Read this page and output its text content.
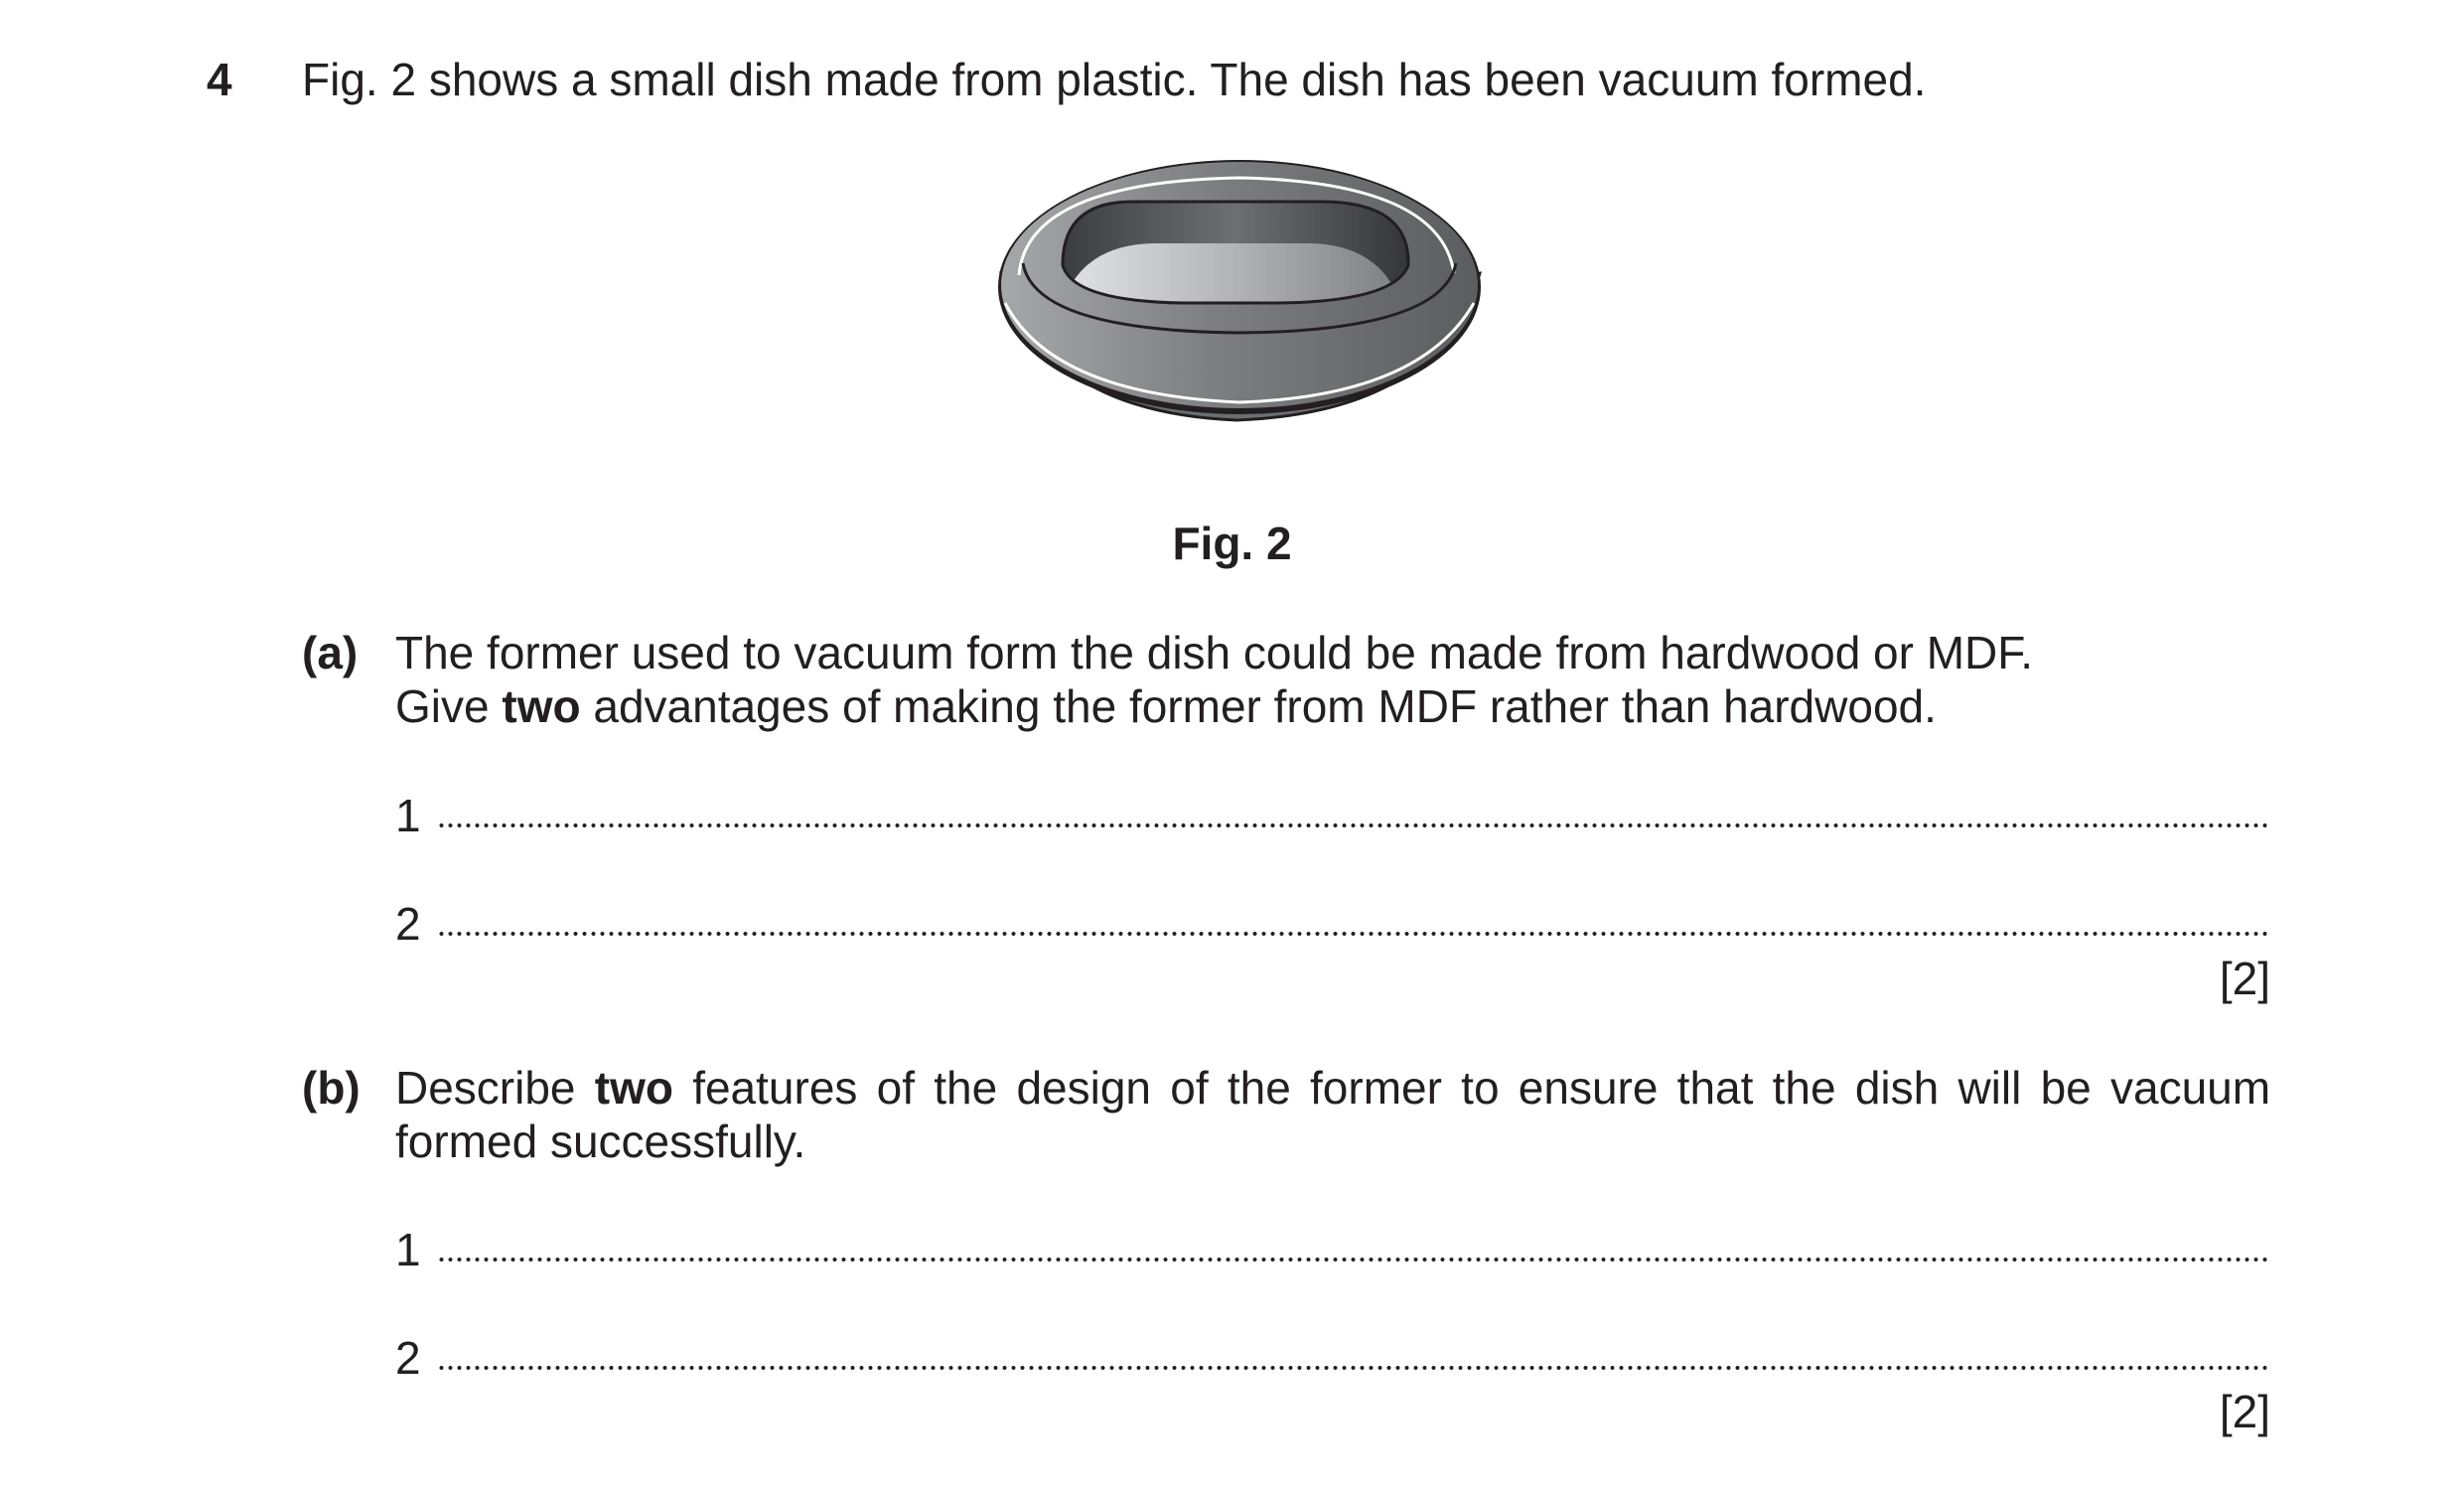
4 Fig. 2 shows a small dish made from plastic. The dish has been vacuum formed.

Fig. 2

(a) The former used to vacuum form the dish could be made from hardwood or MDF.

Give two advantages of making the former from MDF rather than hardwood.

1
2

[2]

(b) Describe two features of the design of the former to ensure that the dish will be vacuum

formed successfully.

1
2

[2]
